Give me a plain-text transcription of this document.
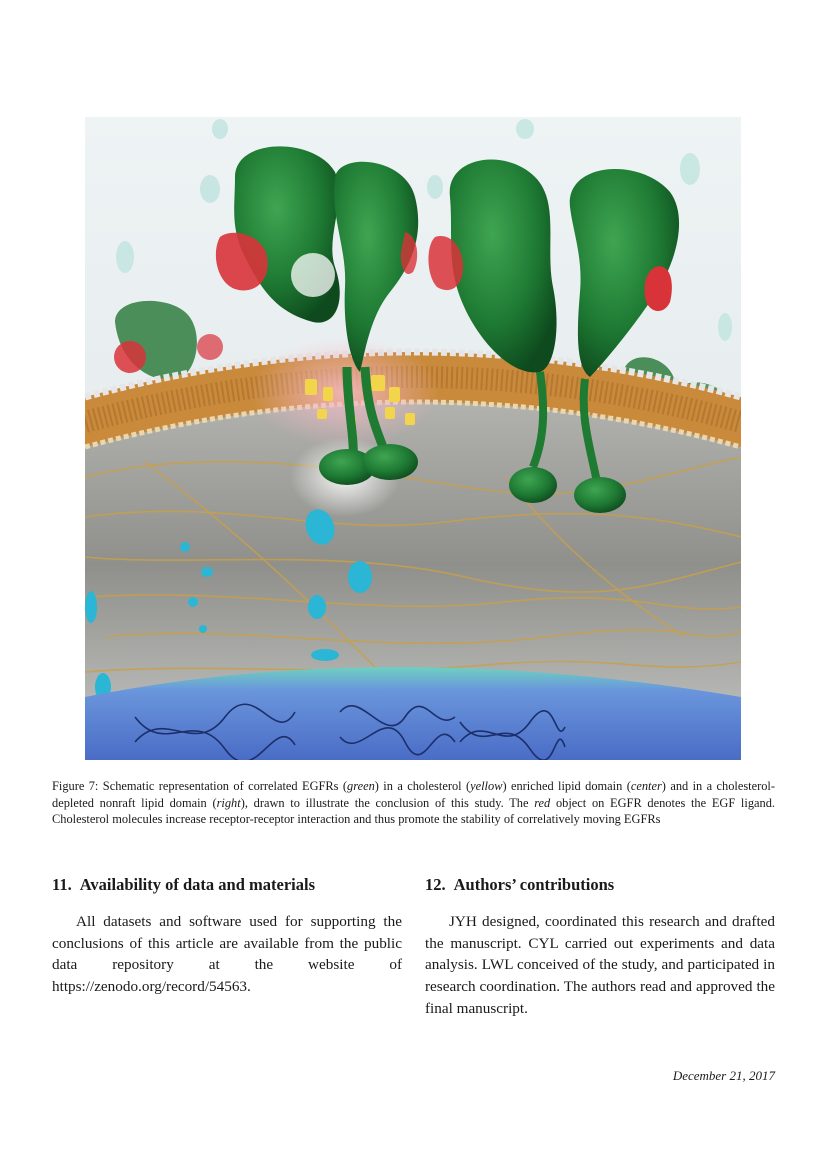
Figure 7: Schematic representation of correlated EGFRs (green) in a cholesterol (yellow) enriched lipid domain (center) and in a cholesterol-depleted nonraft lipid domain (right), drawn to illustrate the conclusion of this study. The red object on EGFR denotes the EGF ligand. Cholesterol molecules increase receptor-receptor interaction and thus promote the stability of correlatively moving EGFRs
11. Availability of data and materials

All datasets and software used for supporting the conclusions of this article are available from the public data repository at the website of https://zenodo.org/record/54563.

12. Authors’ contributions

JYH designed, coordinated this research and drafted the manuscript. CYL carried out experiments and data analysis. LWL conceived of the study, and participated in research coordination. The authors read and approved the final manuscript.

December 21, 2017
